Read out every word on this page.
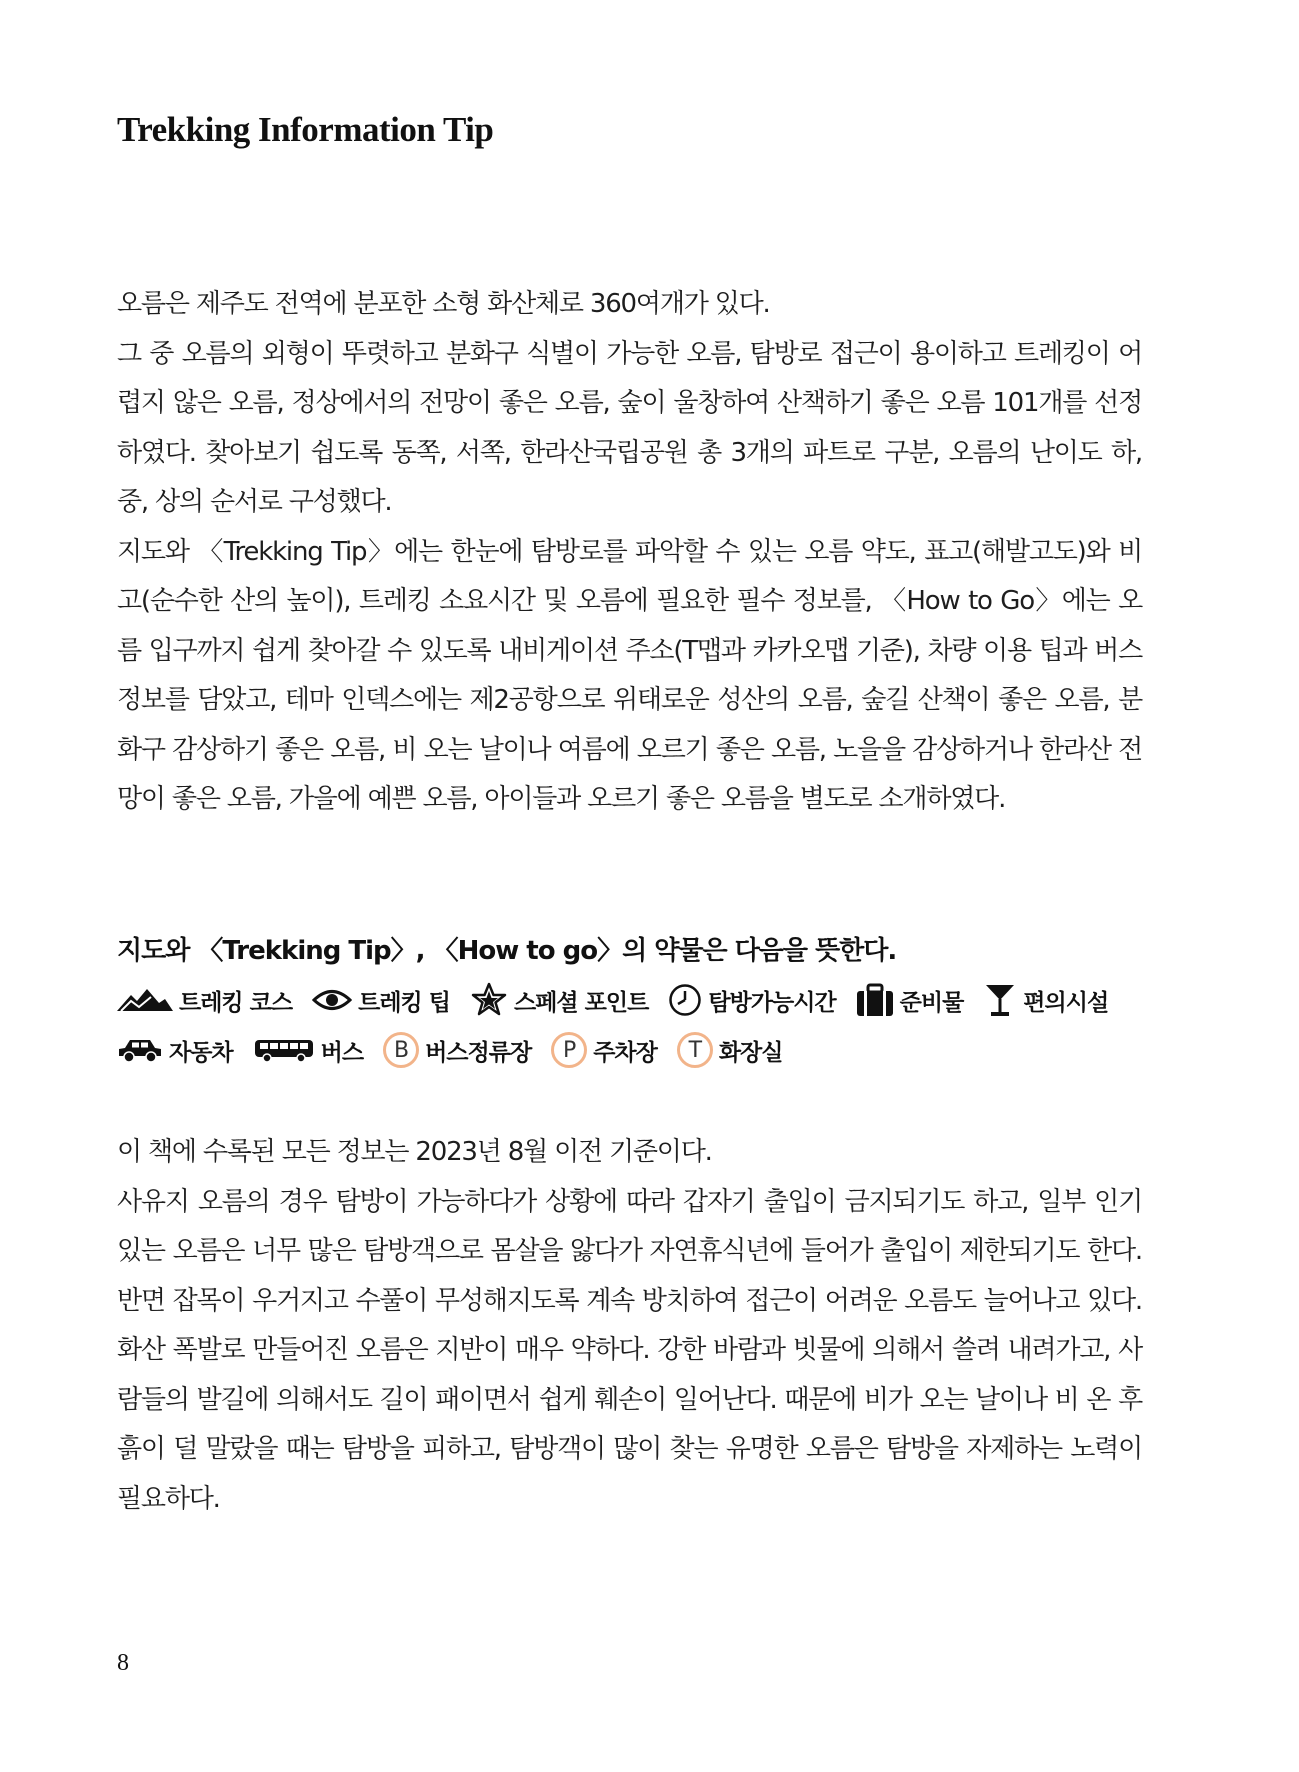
Trekking Information Tip

오름은 제주도 전역에 분포한 소형 화산체로 360여개가 있다.

그 중 오름의 외형이 뚜렷하고 분화구 식별이 가능한 오름, 탐방로 접근이 용이하고 트레킹이 어렵지 않은 오름, 정상에서의 전망이 좋은 오름, 숲이 울창하여 산책하기 좋은 오름 101개를 선정하였다. 찾아보기 쉽도록 동쪽, 서쪽, 한라산국립공원 총 3개의 파트로 구분, 오름의 난이도 하, 중, 상의 순서로 구성했다.

지도와 〈Trekking Tip〉에는 한눈에 탐방로를 파악할 수 있는 오름 약도, 표고(해발고도)와 비고(순수한 산의 높이), 트레킹 소요시간 및 오름에 필요한 필수 정보를, 〈How to Go〉에는 오름 입구까지 쉽게 찾아갈 수 있도록 내비게이션 주소(T맵과 카카오맵 기준), 차량 이용 팁과 버스 정보를 담았고, 테마 인덱스에는 제2공항으로 위태로운 성산의 오름, 숲길 산책이 좋은 오름, 분화구 감상하기 좋은 오름, 비 오는 날이나 여름에 오르기 좋은 오름, 노을을 감상하거나 한라산 전망이 좋은 오름, 가을에 예쁜 오름, 아이들과 오르기 좋은 오름을 별도로 소개하였다.

지도와 〈Trekking Tip〉, 〈How to go〉의 약물은 다음을 뜻한다.
트레킹 코스	트레킹 팁	스페셜 포인트	탐방가능시간	준비물	편의시설
자동차	버스	B 버스정류장	P 주차장	T 화장실

이 책에 수록된 모든 정보는 2023년 8월 이전 기준이다.

사유지 오름의 경우 탐방이 가능하다가 상황에 따라 갑자기 출입이 금지되기도 하고, 일부 인기 있는 오름은 너무 많은 탐방객으로 몸살을 앓다가 자연휴식년에 들어가 출입이 제한되기도 한다. 반면 잡목이 우거지고 수풀이 무성해지도록 계속 방치하여 접근이 어려운 오름도 늘어나고 있다. 화산 폭발로 만들어진 오름은 지반이 매우 약하다. 강한 바람과 빗물에 의해서 쓸려 내려가고, 사람들의 발길에 의해서도 길이 패이면서 쉽게 훼손이 일어난다. 때문에 비가 오는 날이나 비 온 후 흙이 덜 말랐을 때는 탐방을 피하고, 탐방객이 많이 찾는 유명한 오름은 탐방을 자제하는 노력이 필요하다.

8
